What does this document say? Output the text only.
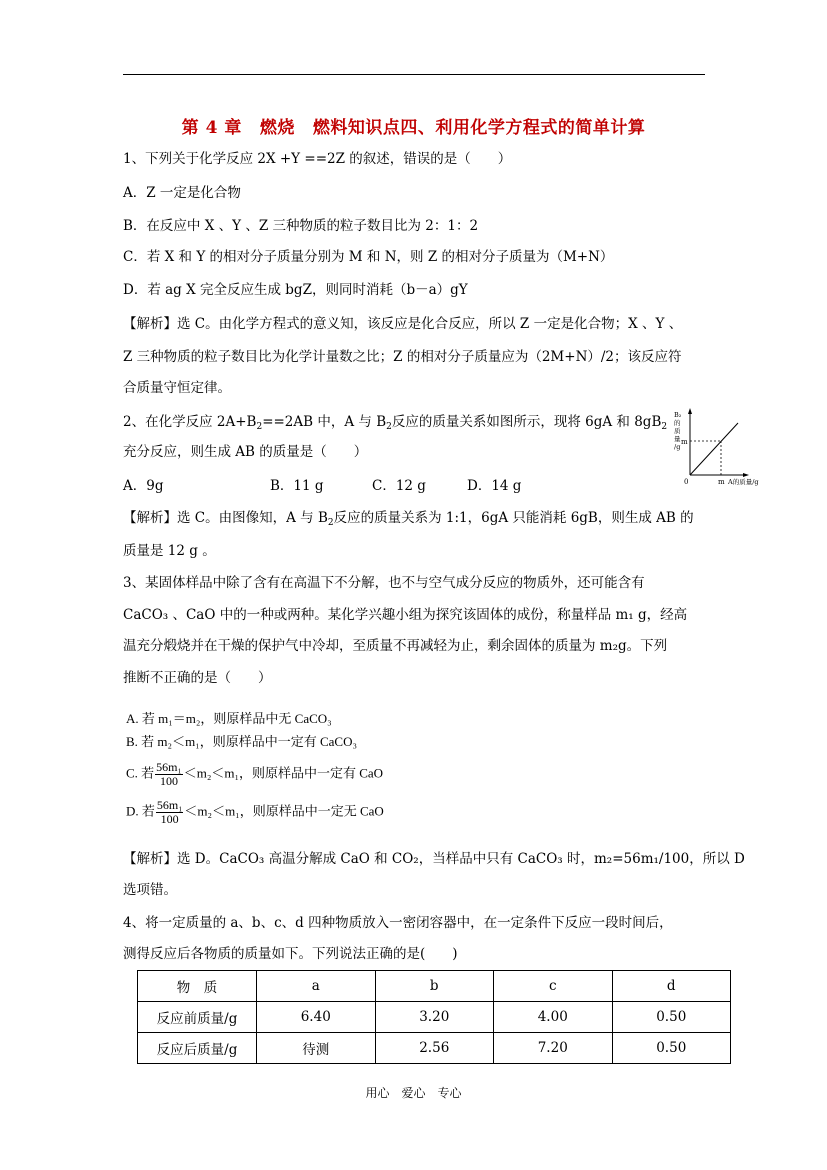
第 4 章 燃烧 燃料知识点四、利用化学方程式的简单计算
1、下列关于化学反应 2X +Y ==2Z 的叙述，错误的是（　　）
A．Z 一定是化合物
B．在反应中 X 、Y 、Z 三种物质的粒子数目比为 2：1：2
C．若 X 和 Y 的相对分子质量分别为 M 和 N，则 Z 的相对分子质量为（M+N）
D．若 ag X 完全反应生成 bgZ，则同时消耗（b－a）gY
【解析】选 C。由化学方程式的意义知，该反应是化合反应，所以 Z 一定是化合物；X 、Y 、
Z 三种物质的粒子数目比为化学计量数之比；Z 的相对分子质量应为（2M+N）/2；该反应符
合质量守恒定律。
2、在化学反应 $2A+B_2==2AB$ 中，A 与 $B_2$反应的质量关系如图所示，现将 6gA 和 $8gB_2$
充分反应，则生成 AB 的质量是（　　）
A．9g	B．11 g	C．12 g	D．14 g
B₂ 的质量/g
m
0	m A的质量/g
【解析】选 C。由图像知，A 与 $B_2$反应的质量关系为 1:1，6gA 只能消耗 6gB，则生成 AB 的
质量是 12 g 。
3、某固体样品中除了含有在高温下不分解，也不与空气成分反应的物质外，还可能含有
CaCO₃ 、CaO 中的一种或两种。某化学兴趣小组为探究该固体的成份，称量样品 m₁ g，经高
温充分煅烧并在干燥的保护气中冷却，至质量不再减轻为止，剩余固体的质量为 m₂g。下列
推断不正确的是（　　）
A. 若 m₁＝m₂，则原样品中无 CaCO₃
B. 若 m₂＜m₁，则原样品中一定有 CaCO₃
C. 若 $\frac{\text{56m₁}}{100} <m_2<m_1$，则原样品中一定有 CaO
D. 若 $\frac{\text{56m₁}}{100} <m_2<m_1$，则原样品中一定无 CaO
【解析】选 D。CaCO₃ 高温分解成 CaO 和 CO₂，当样品中只有 CaCO₃ 时，m₂=56m₁/100，所以 D
选项错。
4、将一定质量的 a、b、c、d 四种物质放入一密闭容器中，在一定条件下反应一段时间后，
测得反应后各物质的质量如下。下列说法正确的是(　　)
物　质	a	b	c	d
反应前质量/g	6.40	3.20	4.00	0.50
反应后质量/g	待测	2.56	7.20	0.50
用心 爱心 专心
